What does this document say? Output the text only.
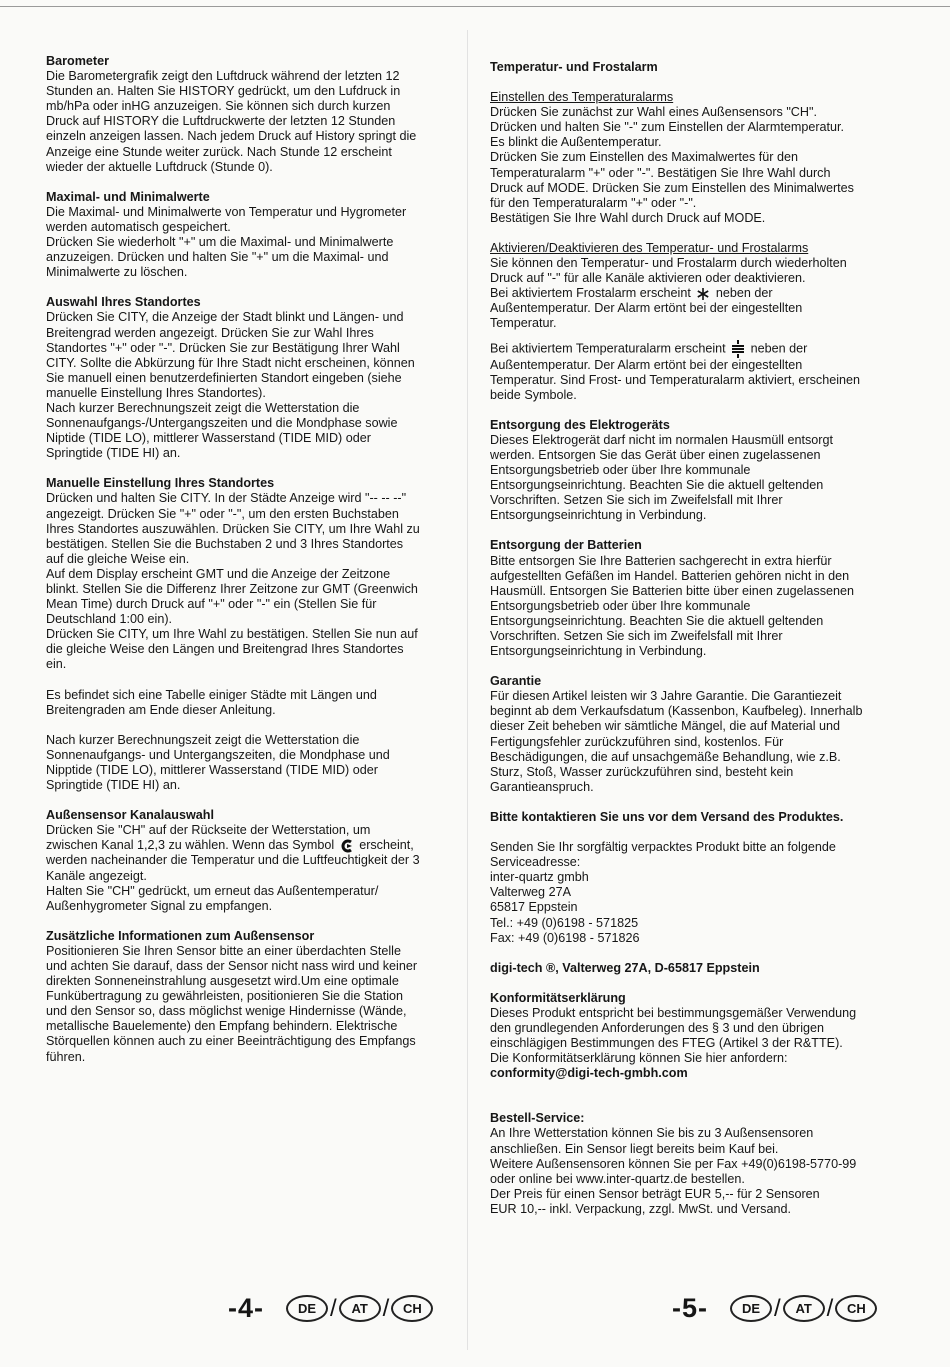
Barometer
Die Barometergrafik zeigt den Luftdruck während der letzten 12
Stunden an. Halten Sie HISTORY gedrückt, um den Lufdruck in
mb/hPa oder inHG anzuzeigen. Sie können sich durch kurzen
Druck auf HISTORY die Luftdruckwerte der letzten 12 Stunden
einzeln anzeigen lassen. Nach jedem Druck auf History springt die
Anzeige eine Stunde weiter zurück. Nach Stunde 12 erscheint
wieder der aktuelle Luftdruck (Stunde 0).
Maximal- und Minimalwerte
Die Maximal- und Minimalwerte von Temperatur und Hygrometer
werden automatisch gespeichert.
Drücken Sie wiederholt "+" um die Maximal- und Minimalwerte
anzuzeigen. Drücken und halten Sie "+" um die Maximal- und
Minimalwerte zu löschen.
Auswahl Ihres Standortes
Drücken Sie CITY, die Anzeige der Stadt blinkt und Längen- und
Breitengrad werden angezeigt. Drücken Sie zur Wahl Ihres
Standortes "+" oder "-". Drücken Sie zur Bestätigung Ihrer Wahl
CITY. Sollte die Abkürzung für Ihre Stadt nicht erscheinen, können
Sie manuell einen benutzerdefinierten Standort eingeben (siehe
manuelle Einstellung Ihres Standortes).
Nach kurzer Berechnungszeit zeigt die Wetterstation die
Sonnenaufgangs-/Untergangszeiten und die Mondphase sowie
Niptide (TIDE LO), mittlerer Wasserstand (TIDE MID) oder
Springtide (TIDE HI) an.
Manuelle Einstellung Ihres Standortes
Drücken und halten Sie CITY. In der Städte Anzeige wird "-- -- --"
angezeigt. Drücken Sie "+" oder "-", um den ersten Buchstaben
Ihres Standortes auszuwählen. Drücken Sie CITY, um Ihre Wahl zu
bestätigen. Stellen Sie die Buchstaben 2 und 3 Ihres Standortes
auf die gleiche Weise ein.
Auf dem Display erscheint GMT und die Anzeige der Zeitzone
blinkt. Stellen Sie die Differenz Ihrer Zeitzone zur GMT (Greenwich
Mean Time) durch Druck auf "+" oder "-" ein (Stellen Sie für
Deutschland 1:00 ein).
Drücken Sie CITY, um Ihre Wahl zu bestätigen. Stellen Sie nun auf
die gleiche Weise den Längen und Breitengrad Ihres Standortes
ein.
Es befindet sich eine Tabelle einiger Städte mit Längen und
Breitengraden am Ende dieser Anleitung.
Nach kurzer Berechnungszeit zeigt die Wetterstation die
Sonnenaufgangs- und Untergangszeiten, die Mondphase und
Nipptide (TIDE LO), mittlerer Wasserstand (TIDE MID) oder
Springtide (TIDE HI) an.
Außensensor Kanalauswahl
Drücken Sie "CH" auf der Rückseite der Wetterstation, um
zwischen Kanal 1,2,3 zu wählen. Wenn das Symbol erscheint,
werden nacheinander die Temperatur und die Luftfeuchtigkeit der 3
Kanäle angezeigt.
Halten Sie "CH" gedrückt, um erneut das Außentemperatur/
Außenhygrometer Signal zu empfangen.
Zusätzliche Informationen zum Außensensor
Positionieren Sie Ihren Sensor bitte an einer überdachten Stelle
und achten Sie darauf, dass der Sensor nicht nass wird und keiner
direkten Sonneneinstrahlung ausgesetzt wird.Um eine optimale
Funkübertragung zu gewährleisten, positionieren Sie die Station
und den Sensor so, dass möglichst wenige Hindernisse (Wände,
metallische Bauelemente) den Empfang behindern. Elektrische
Störquellen können auch zu einer Beeinträchtigung des Empfangs
führen.
Temperatur- und Frostalarm
Einstellen des Temperaturalarms
Drücken Sie zunächst zur Wahl eines Außensensors "CH".
Drücken und halten Sie "-" zum Einstellen der Alarmtemperatur.
Es blinkt die Außentemperatur.
Drücken Sie zum Einstellen des Maximalwertes für den
Temperaturalarm "+" oder "-". Bestätigen Sie Ihre Wahl durch
Druck auf MODE. Drücken Sie zum Einstellen des Minimalwertes
für den Temperaturalarm "+" oder "-".
Bestätigen Sie Ihre Wahl durch Druck auf MODE.
Aktivieren/Deaktivieren des Temperatur- und Frostalarms
Sie können den Temperatur- und Frostalarm durch wiederholten
Druck auf "-" für alle Kanäle aktivieren oder deaktivieren.
Bei aktiviertem Frostalarm erscheint neben der
Außentemperatur. Der Alarm ertönt bei der eingestellten
Temperatur.
Bei aktiviertem Temperaturalarm erscheint neben der
Außentemperatur. Der Alarm ertönt bei der eingestellten
Temperatur. Sind Frost- und Temperaturalarm aktiviert, erscheinen
beide Symbole.
Entsorgung des Elektrogeräts
Dieses Elektrogerät darf nicht im normalen Hausmüll entsorgt
werden. Entsorgen Sie das Gerät über einen zugelassenen
Entsorgungsbetrieb oder über Ihre kommunale
Entsorgungseinrichtung. Beachten Sie die aktuell geltenden
Vorschriften. Setzen Sie sich im Zweifelsfall mit Ihrer
Entsorgungseinrichtung in Verbindung.
Entsorgung der Batterien
Bitte entsorgen Sie Ihre Batterien sachgerecht in extra hierfür
aufgestellten Gefäßen im Handel. Batterien gehören nicht in den
Hausmüll. Entsorgen Sie Batterien bitte über einen zugelassenen
Entsorgungsbetrieb oder über Ihre kommunale
Entsorgungseinrichtung. Beachten Sie die aktuell geltenden
Vorschriften. Setzen Sie sich im Zweifelsfall mit Ihrer
Entsorgungseinrichtung in Verbindung.
Garantie
Für diesen Artikel leisten wir 3 Jahre Garantie. Die Garantiezeit
beginnt ab dem Verkaufsdatum (Kassenbon, Kaufbeleg). Innerhalb
dieser Zeit beheben wir sämtliche Mängel, die auf Material und
Fertigungsfehler zurückzuführen sind, kostenlos. Für
Beschädigungen, die auf unsachgemäße Behandlung, wie z.B.
Sturz, Stoß, Wasser zurückzuführen sind, besteht kein
Garantieanspruch.
Bitte kontaktieren Sie uns vor dem Versand des Produktes.
Senden Sie Ihr sorgfältig verpacktes Produkt bitte an folgende
Serviceadresse:
inter-quartz gmbh
Valterweg 27A
65817 Eppstein
Tel.: +49 (0)6198 - 571825
Fax: +49 (0)6198 - 571826
digi-tech ®, Valterweg 27A, D-65817 Eppstein
Konformitätserklärung
Dieses Produkt entspricht bei bestimmungsgemäßer Verwendung
den grundlegenden Anforderungen des § 3 und den übrigen
einschlägigen Bestimmungen des FTEG (Artikel 3 der R&TTE).
Die Konformitätserklärung können Sie hier anfordern:
conformity@digi-tech-gmbh.com
Bestell-Service:
An Ihre Wetterstation können Sie bis zu 3 Außensensoren
anschließen. Ein Sensor liegt bereits beim Kauf bei.
Weitere Außensensoren können Sie per Fax +49(0)6198-5770-99
oder online bei www.inter-quartz.de bestellen.
Der Preis für einen Sensor beträgt EUR 5,-- für 2 Sensoren
EUR 10,-- inkl. Verpackung, zzgl. MwSt. und Versand.
-4-	DE /	AT /	CH	-5-	DE /	AT /	CH
